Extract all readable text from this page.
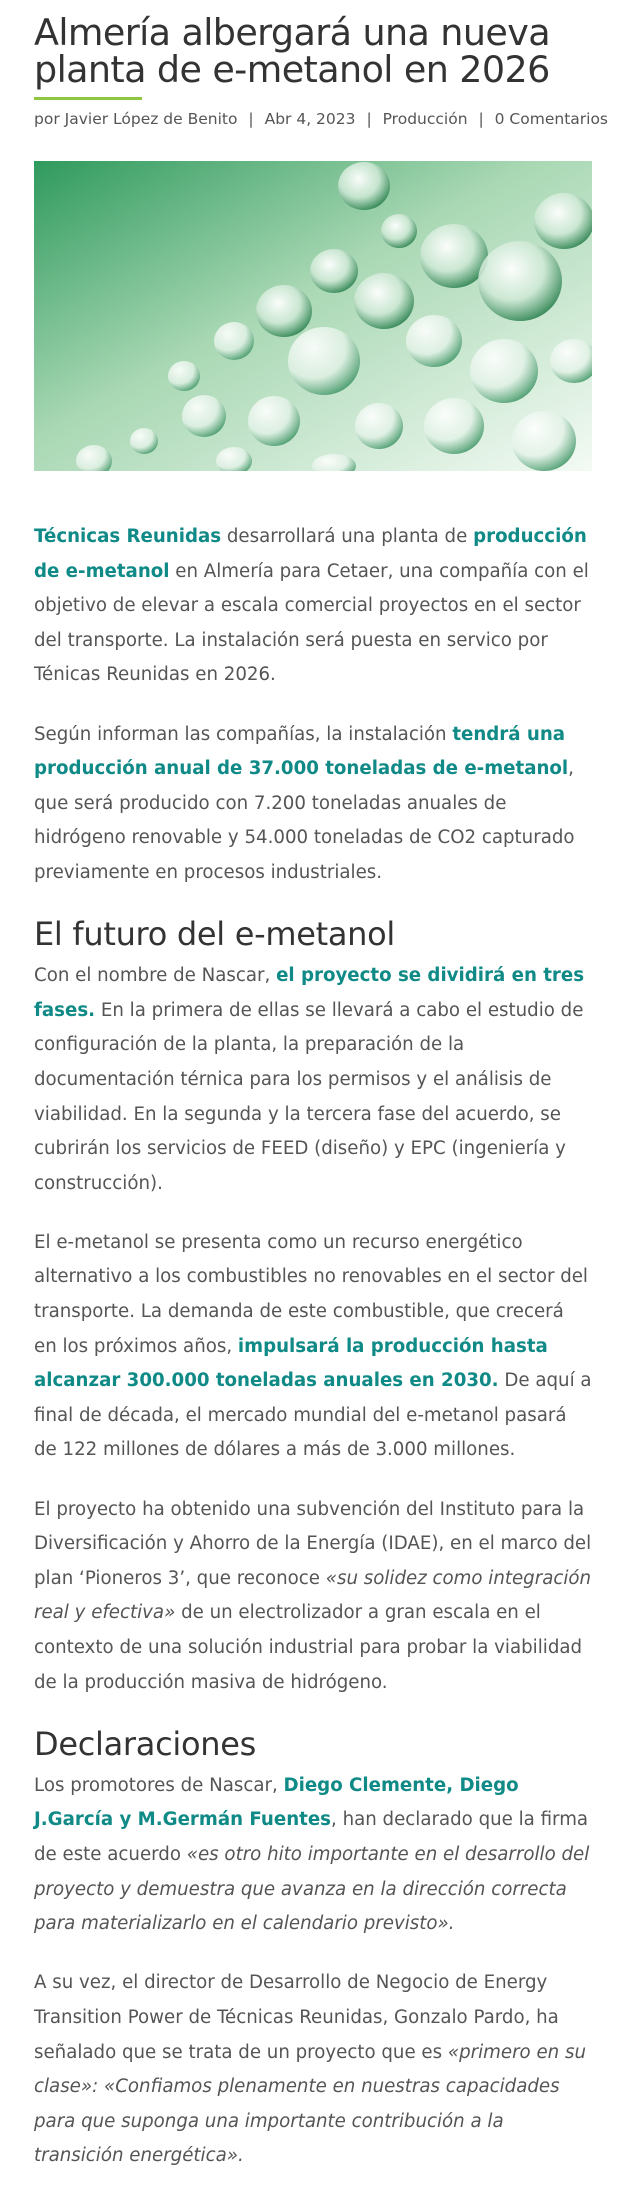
Almería albergará una nueva planta de e-metanol en 2026
por Javier López de Benito | Abr 4, 2023 | Producción | 0 Comentarios

Técnicas Reunidas desarrollará una planta de producción de e-metanol en Almería para Cetaer, una compañía con el objetivo de elevar a escala comercial proyectos en el sector del transporte. La instalación será puesta en servico por Ténicas Reunidas en 2026.

Según informan las compañías, la instalación tendrá una producción anual de 37.000 toneladas de e-metanol, que será producido con 7.200 toneladas anuales de hidrógeno renovable y 54.000 toneladas de CO2 capturado previamente en procesos industriales.

El futuro del e-metanol

Con el nombre de Nascar, el proyecto se dividirá en tres fases. En la primera de ellas se llevará a cabo el estudio de configuración de la planta, la preparación de la documentación térnica para los permisos y el análisis de viabilidad. En la segunda y la tercera fase del acuerdo, se cubrirán los servicios de FEED (diseño) y EPC (ingeniería y construcción).

El e-metanol se presenta como un recurso energético alternativo a los combustibles no renovables en el sector del transporte. La demanda de este combustible, que crecerá en los próximos años, impulsará la producción hasta alcanzar 300.000 toneladas anuales en 2030. De aquí a final de década, el mercado mundial del e-metanol pasará de 122 millones de dólares a más de 3.000 millones.

El proyecto ha obtenido una subvención del Instituto para la Diversificación y Ahorro de la Energía (IDAE), en el marco del plan ‘Pioneros 3’, que reconoce «su solidez como integración real y efectiva» de un electrolizador a gran escala en el contexto de una solución industrial para probar la viabilidad de la producción masiva de hidrógeno.

Declaraciones

Los promotores de Nascar, Diego Clemente, Diego J.García y M.Germán Fuentes, han declarado que la firma de este acuerdo «es otro hito importante en el desarrollo del proyecto y demuestra que avanza en la dirección correcta para materializarlo en el calendario previsto».

A su vez, el director de Desarrollo de Negocio de Energy Transition Power de Técnicas Reunidas, Gonzalo Pardo, ha señalado que se trata de un proyecto que es «primero en su clase»: «Confiamos plenamente en nuestras capacidades para que suponga una importante contribución a la transición energética».
